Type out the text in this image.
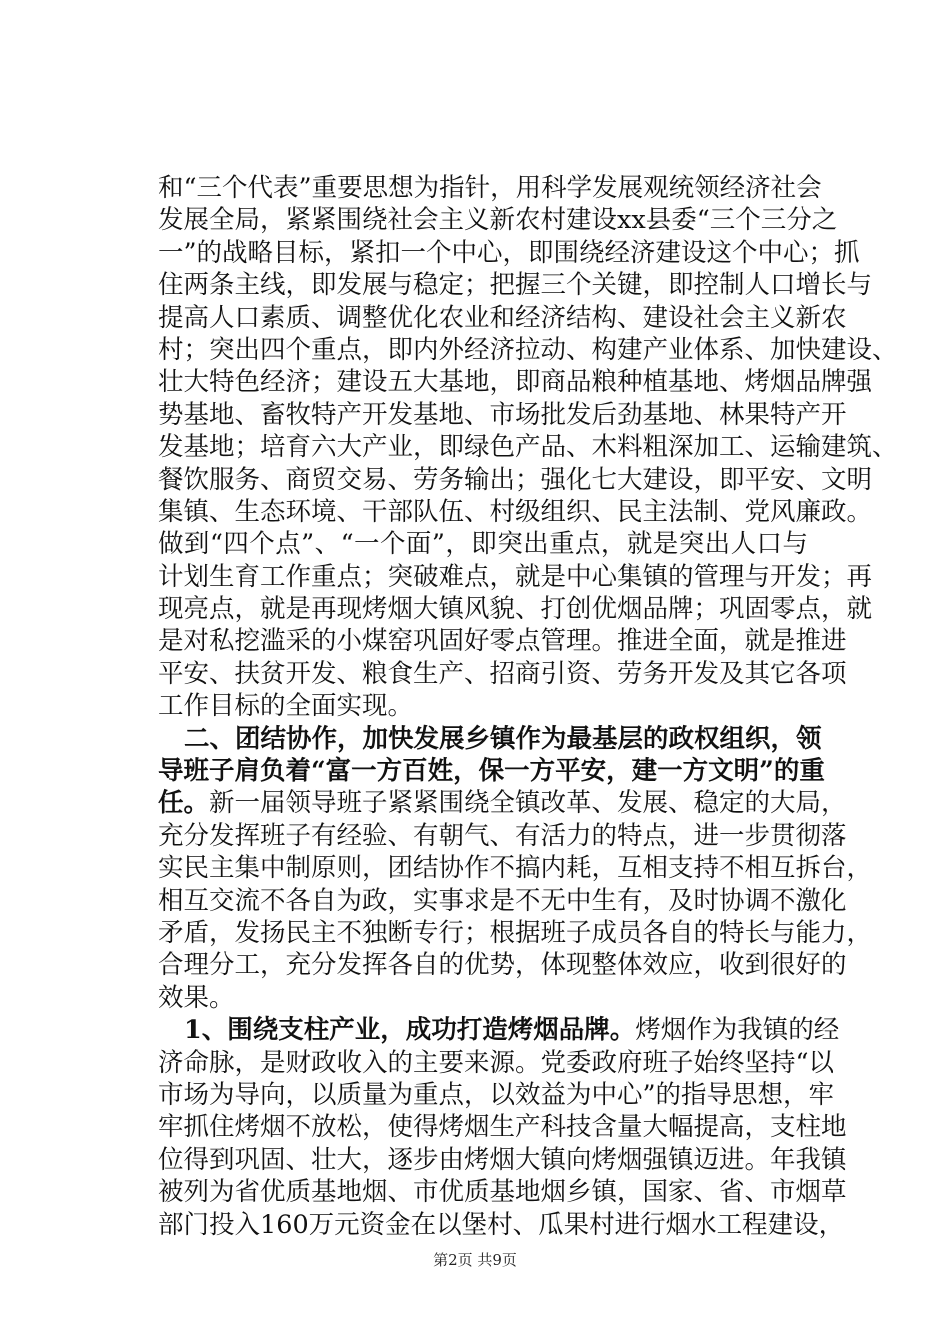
和“三个代表”重要思想为指针，用科学发展观统领经济社会
发展全局，紧紧围绕社会主义新农村建设xx县委“三个三分之
一”的战略目标，紧扣一个中心，即围绕经济建设这个中心；抓
住两条主线，即发展与稳定；把握三个关键，即控制人口增长与
提高人口素质、调整优化农业和经济结构、建设社会主义新农
村；突出四个重点，即内外经济拉动、构建产业体系、加快建设、
壮大特色经济；建设五大基地，即商品粮种植基地、烤烟品牌强
势基地、畜牧特产开发基地、市场批发后劲基地、林果特产开
发基地；培育六大产业，即绿色产品、木料粗深加工、运输建筑、
餐饮服务、商贸交易、劳务输出；强化七大建设，即平安、文明
集镇、生态环境、干部队伍、村级组织、民主法制、党风廉政。
做到“四个点”、“一个面”，即突出重点，就是突出人口与
计划生育工作重点；突破难点，就是中心集镇的管理与开发；再
现亮点，就是再现烤烟大镇风貌、打创优烟品牌；巩固零点，就
是对私挖滥采的小煤窑巩固好零点管理。推进全面，就是推进
平安、扶贫开发、粮食生产、招商引资、劳务开发及其它各项
工作目标的全面实现。
二、团结协作，加快发展乡镇作为最基层的政权组织，领
导班子肩负着“富一方百姓，保一方平安，建一方文明”的重
任。新一届领导班子紧紧围绕全镇改革、发展、稳定的大局，
充分发挥班子有经验、有朝气、有活力的特点，进一步贯彻落
实民主集中制原则，团结协作不搞内耗，互相支持不相互拆台，
相互交流不各自为政，实事求是不无中生有，及时协调不激化
矛盾，发扬民主不独断专行；根据班子成员各自的特长与能力，
合理分工，充分发挥各自的优势，体现整体效应，收到很好的
效果。
1、围绕支柱产业，成功打造烤烟品牌。烤烟作为我镇的经
济命脉，是财政收入的主要来源。党委政府班子始终坚持“以
市场为导向，以质量为重点，以效益为中心”的指导思想，牢
牢抓住烤烟不放松，使得烤烟生产科技含量大幅提高，支柱地
位得到巩固、壮大，逐步由烤烟大镇向烤烟强镇迈进。年我镇
被列为省优质基地烟、市优质基地烟乡镇，国家、省、市烟草
部门投入160万元资金在以堡村、瓜果村进行烟水工程建设，
第2页 共9页
